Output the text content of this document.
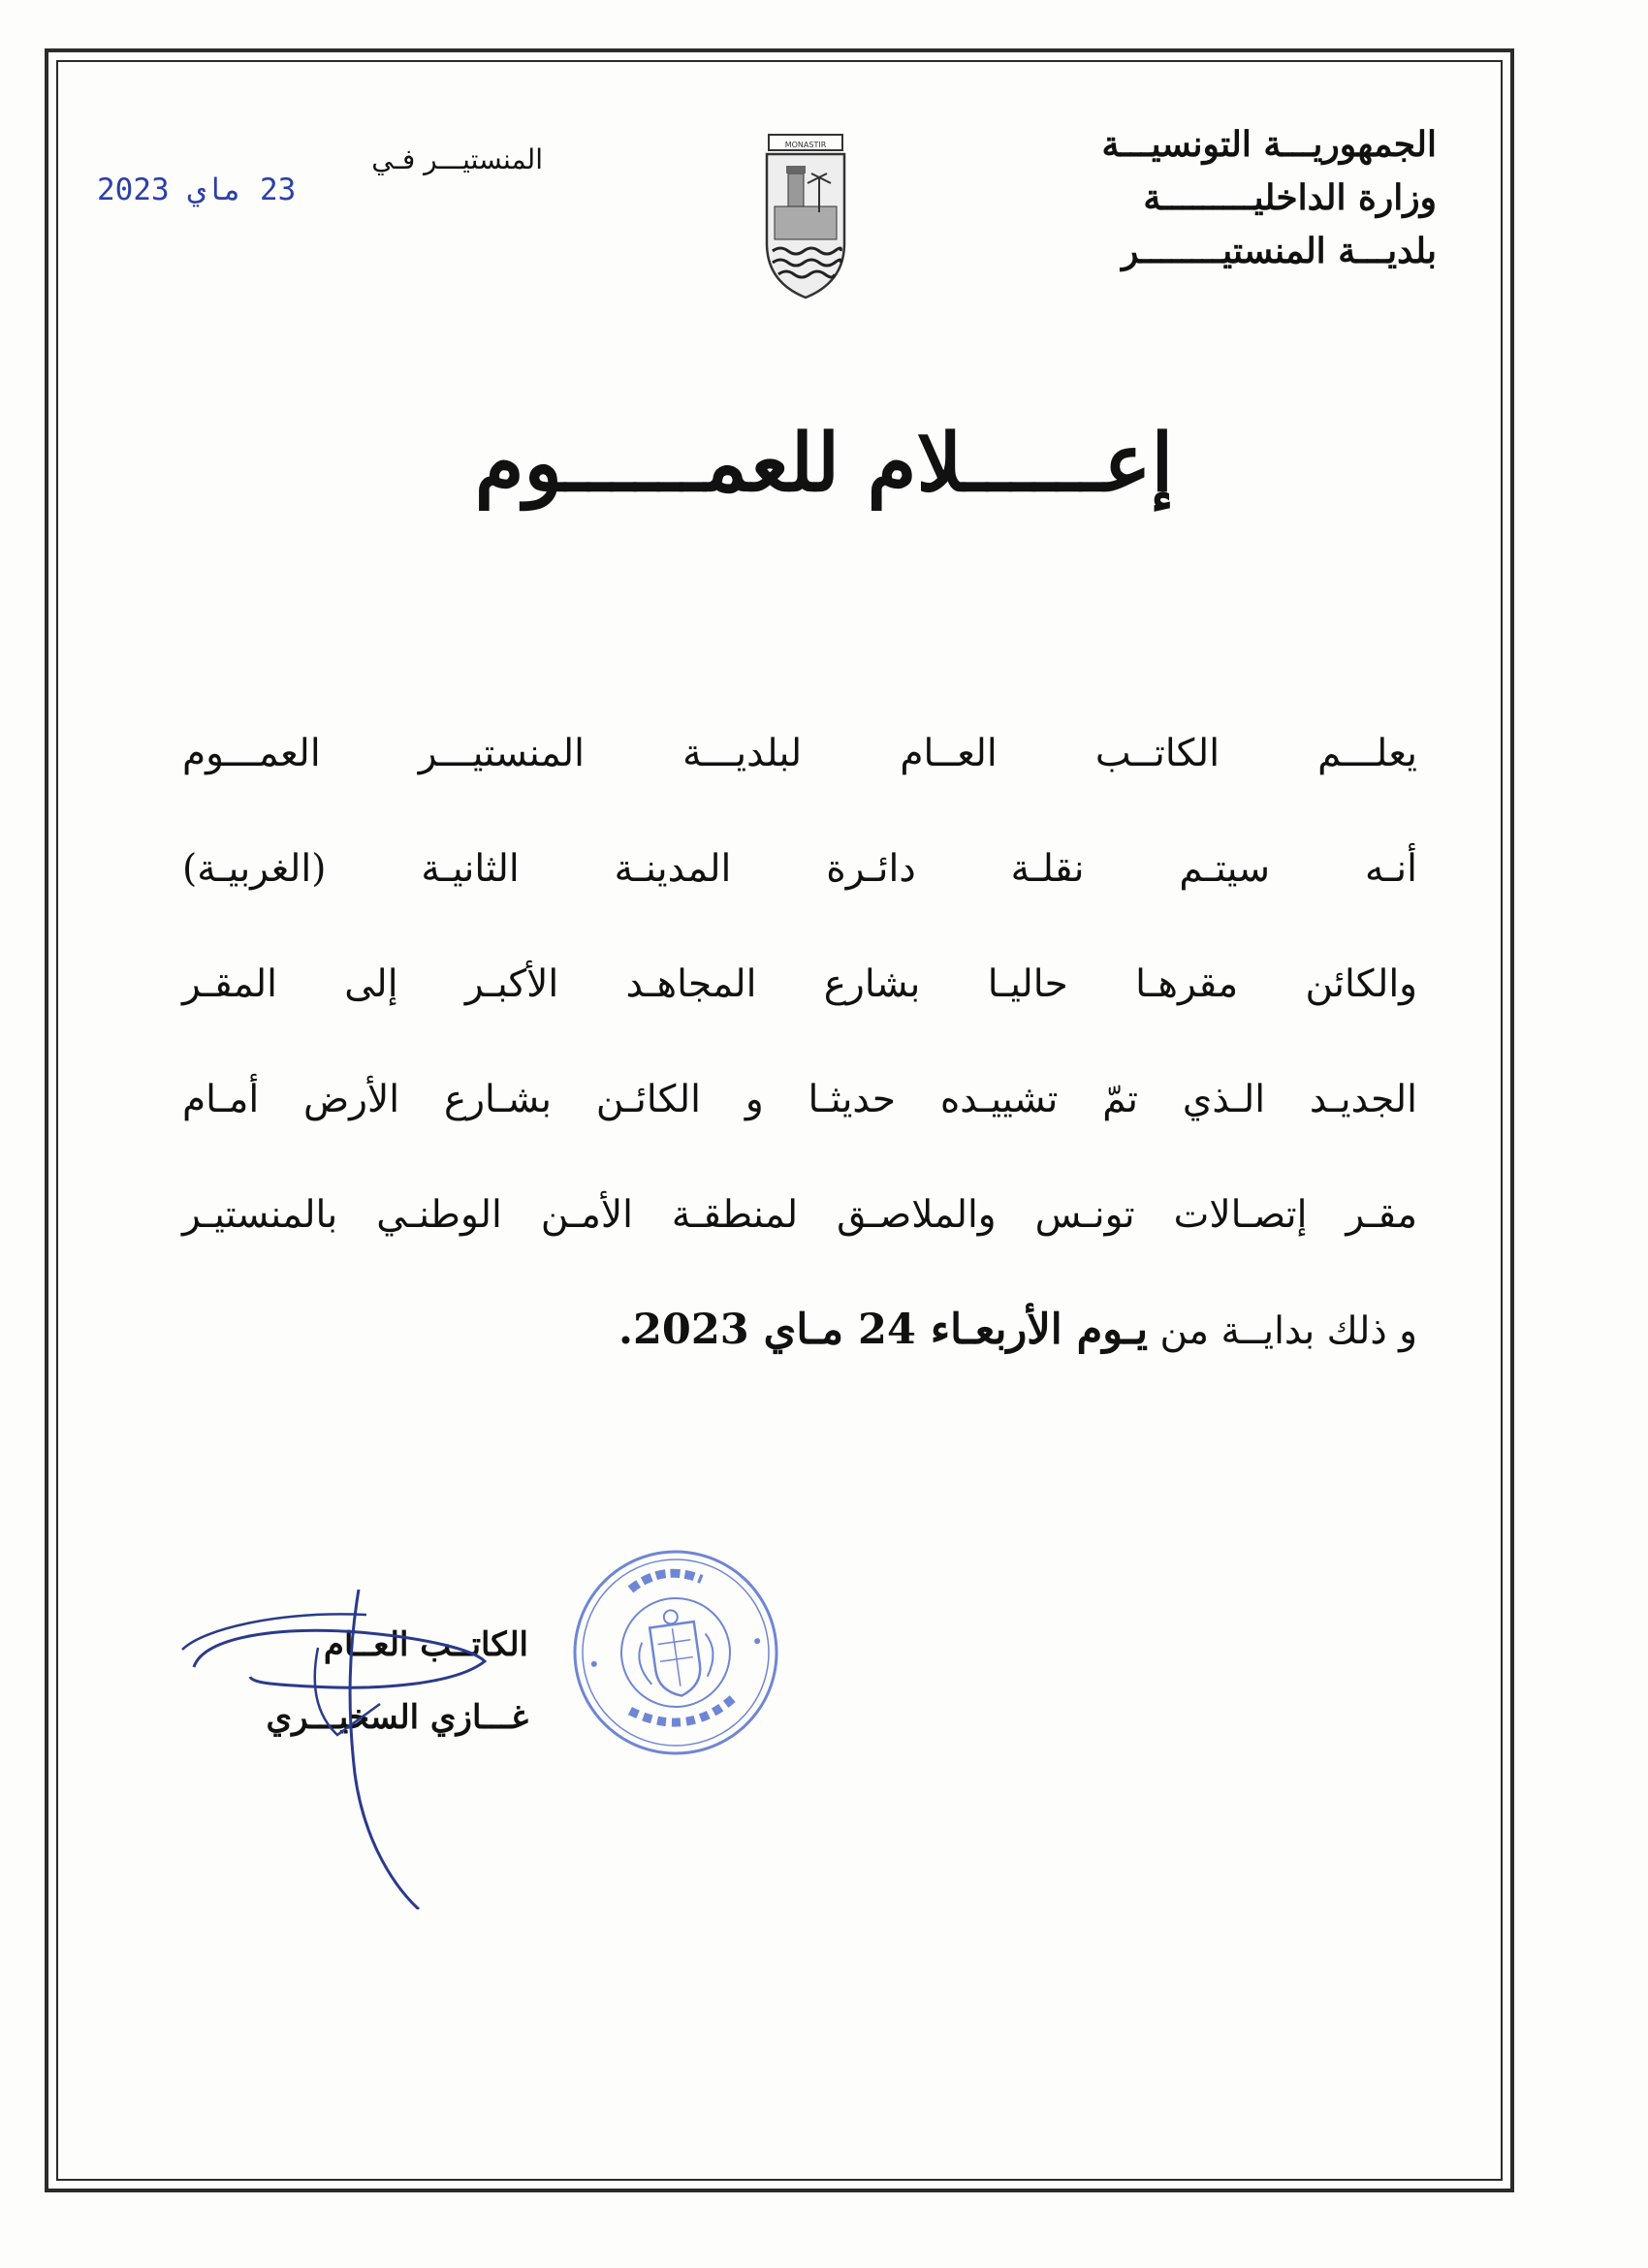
الجمهوريـــة التونسيـــة
وزارة الداخليـــــــــة
بلديـــة المنستيــــــــر
MONASTIR
المنستيـــر فـي
23 ماي 2023
إعــــــلام للعمــــــوم
يعلـــم الكاتــب العــام لبلديـــة المنستيـــر العمـــوم
أنـه سيتـم نقلـة دائـرة المدينـة الثانيـة (الغربيـة)
والكائن مقرهـا حاليـا بشارع المجاهـد الأكبـر إلى المقـر
الجديـد الـذي تمّ تشييـده حديثـا و الكائـن بشـارع الأرض أمـام
مقـر إتصـالات تونـس والملاصـق لمنطقـة الأمـن الوطنـي بالمنستيـر
و ذلك بدايــة من يـوم الأربعـاء 24 مـاي 2023.
الكاتــب العــام
غـــازي السخيـــري
